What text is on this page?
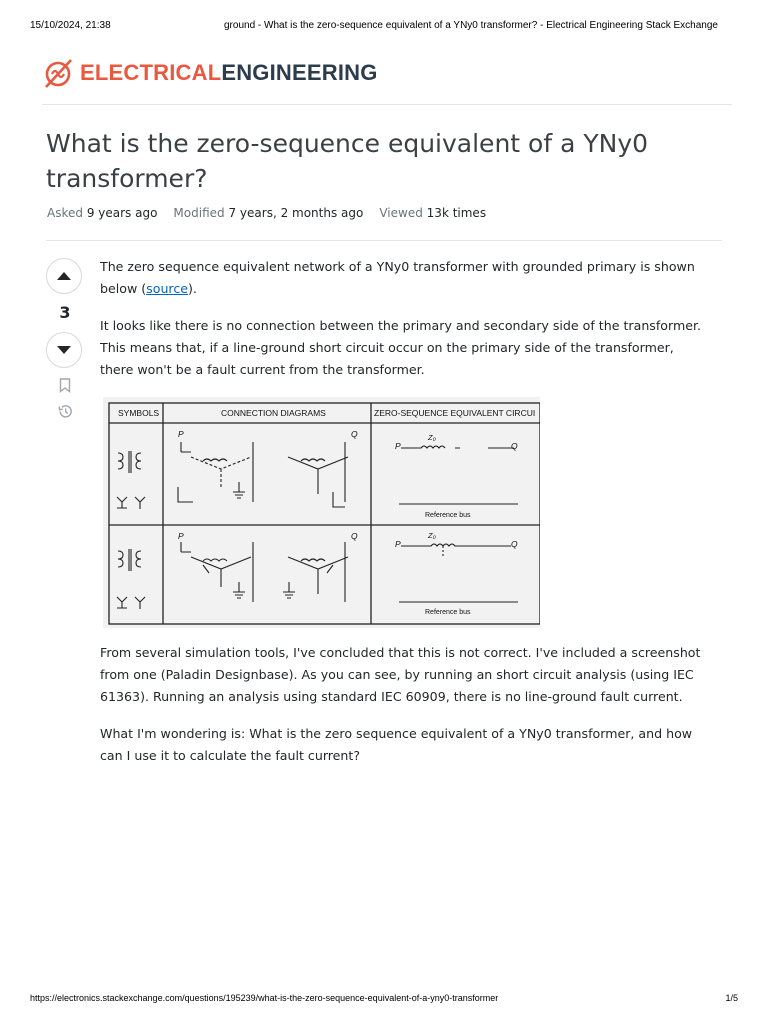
15/10/2024, 21:38	ground - What is the zero-sequence equivalent of a YNy0 transformer? - Electrical Engineering Stack Exchange
ELECTRICALENGINEERING
What is the zero-sequence equivalent of a YNy0 transformer?
Asked 9 years ago Modified 7 years, 2 months ago Viewed 13k times
3

The zero sequence equivalent network of a YNy0 transformer with grounded primary is shown below (source).

It looks like there is no connection between the primary and secondary side of the transformer. This means that, if a line-ground short circuit occur on the primary side of the transformer, there won't be a fault current from the transformer.

From several simulation tools, I've concluded that this is not correct. I've included a screenshot from one (Paladin Designbase). As you can see, by running an short circuit analysis (using IEC 61363). Running an analysis using standard IEC 60909, there is no line-ground fault current.

What I'm wondering is: What is the zero sequence equivalent of a YNy0 transformer, and how can I use it to calculate the fault current?

SYMBOLS	CONNECTION DIAGRAMS	ZERO-SEQUENCE EQUIVALENT CIRCUI
P	Q
P	Q
P	Q
P	Q
Z₀
Z₀
Reference bus
Reference bus
https://electronics.stackexchange.com/questions/195239/what-is-the-zero-sequence-equivalent-of-a-yny0-transformer	1/5
